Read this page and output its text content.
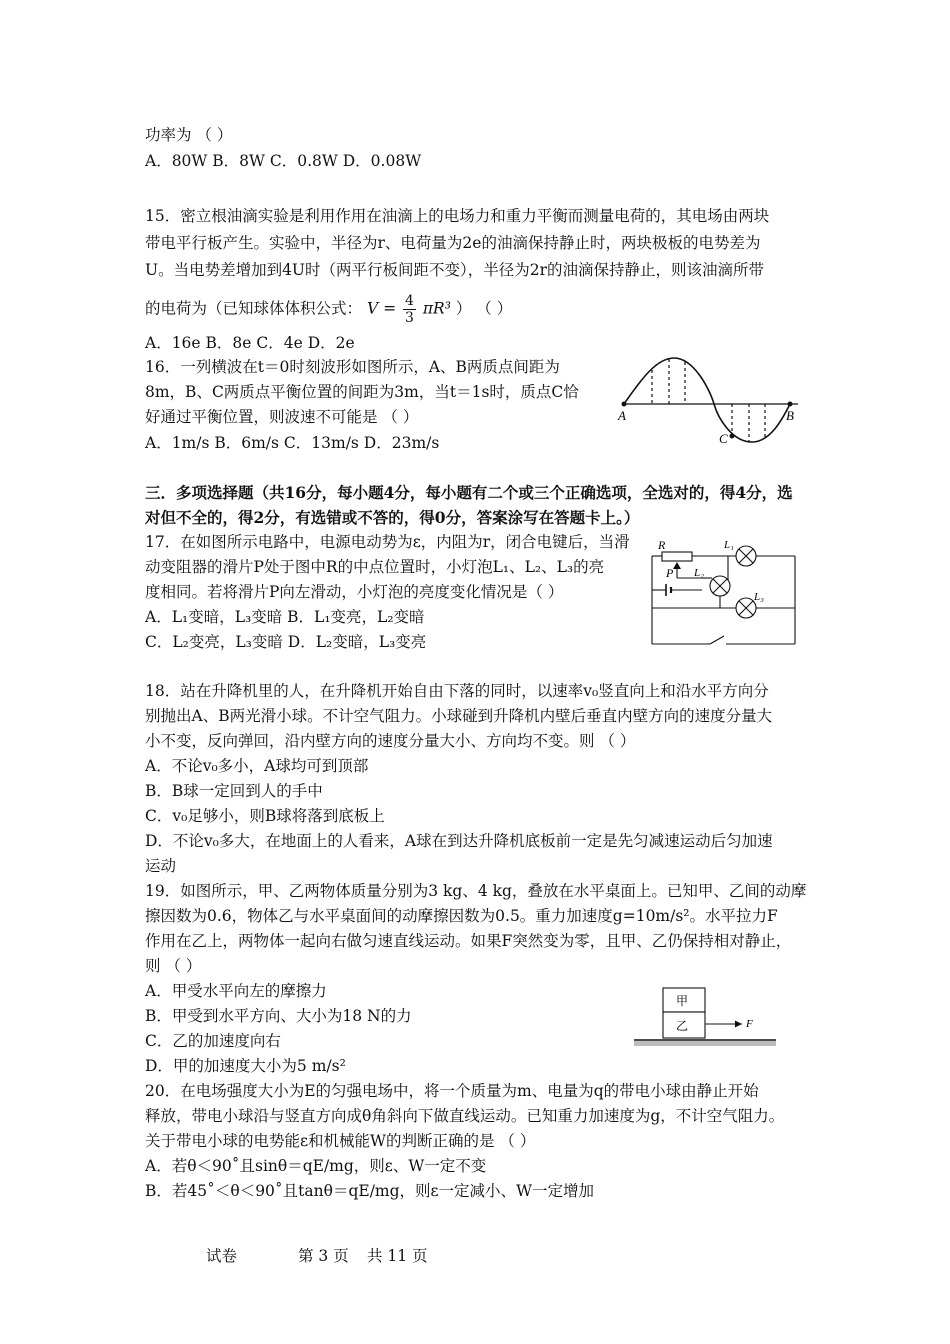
功率为 （ ）
A．80W B．8W C．0.8W D．0.08W
15．密立根油滴实验是利用作用在油滴上的电场力和重力平衡而测量电荷的，其电场由两块
带电平行板产生。实验中，半径为r、电荷量为2e的油滴保持静止时，两块极板的电势差为
U。当电势差增加到4U时（两平行板间距不变），半径为2r的油滴保持静止，则该油滴所带
的电荷为（已知球体体积公式： $V = \frac{4}{3} \pi R^3$ ） （ ）
A．16e B．8e C．4e D．2e
16．一列横波在t＝0时刻波形如图所示，A、B两质点间距为
8m，B、C两质点平衡位置的间距为3m，当t＝1s时，质点C恰
好通过平衡位置，则波速不可能是 （ ）
A．1m/s B．6m/s C．13m/s D．23m/s
三．多项选择题（共16分，每小题4分，每小题有二个或三个正确选项，全选对的，得4分，选
对但不全的，得2分，有选错或不答的，得0分，答案涂写在答题卡上。）
17．在如图所示电路中，电源电动势为ε，内阻为r，闭合电键后，当滑
动变阻器的滑片P处于图中R的中点位置时，小灯泡L₁、L₂、L₃的亮
度相同。若将滑片P向左滑动，小灯泡的亮度变化情况是（ ）
A．L₁变暗，L₃变暗 B．L₁变亮，L₂变暗
C．L₂变亮，L₃变暗 D．L₂变暗，L₃变亮
18．站在升降机里的人，在升降机开始自由下落的同时，以速率v₀竖直向上和沿水平方向分
别抛出A、B两光滑小球。不计空气阻力。小球碰到升降机内壁后垂直内壁方向的速度分量大
小不变，反向弹回，沿内壁方向的速度分量大小、方向均不变。则 （ ）
A．不论v₀多小，A球均可到顶部
B．B球一定回到人的手中
C．v₀足够小，则B球将落到底板上
D．不论v₀多大，在地面上的人看来，A球在到达升降机底板前一定是先匀减速运动后匀加速
运动
19．如图所示，甲、乙两物体质量分别为3 kg、4 kg，叠放在水平桌面上。已知甲、乙间的动摩
擦因数为0.6，物体乙与水平桌面间的动摩擦因数为0.5。重力加速度g=10m/s²。水平拉力F
作用在乙上，两物体一起向右做匀速直线运动。如果F突然变为零，且甲、乙仍保持相对静止，
则 （ ）
A．甲受水平向左的摩擦力
B．甲受到水平方向、大小为18 N的力
C．乙的加速度向右
D．甲的加速度大小为5 m/s²
20．在电场强度大小为E的匀强电场中，将一个质量为m、电量为q的带电小球由静止开始
释放，带电小球沿与竖直方向成θ角斜向下做直线运动。已知重力加速度为g，不计空气阻力。
关于带电小球的电势能ε和机械能W的判断正确的是 （ ）
A．若θ＜90˚且sinθ＝qE/mg，则ε、W一定不变
B．若45˚＜θ＜90˚且tanθ＝qE/mg，则ε一定减小、W一定增加
A	B
C
R
P
L₁
L₂
L₃
甲
乙	F
试卷	第 3 页 共 11 页
